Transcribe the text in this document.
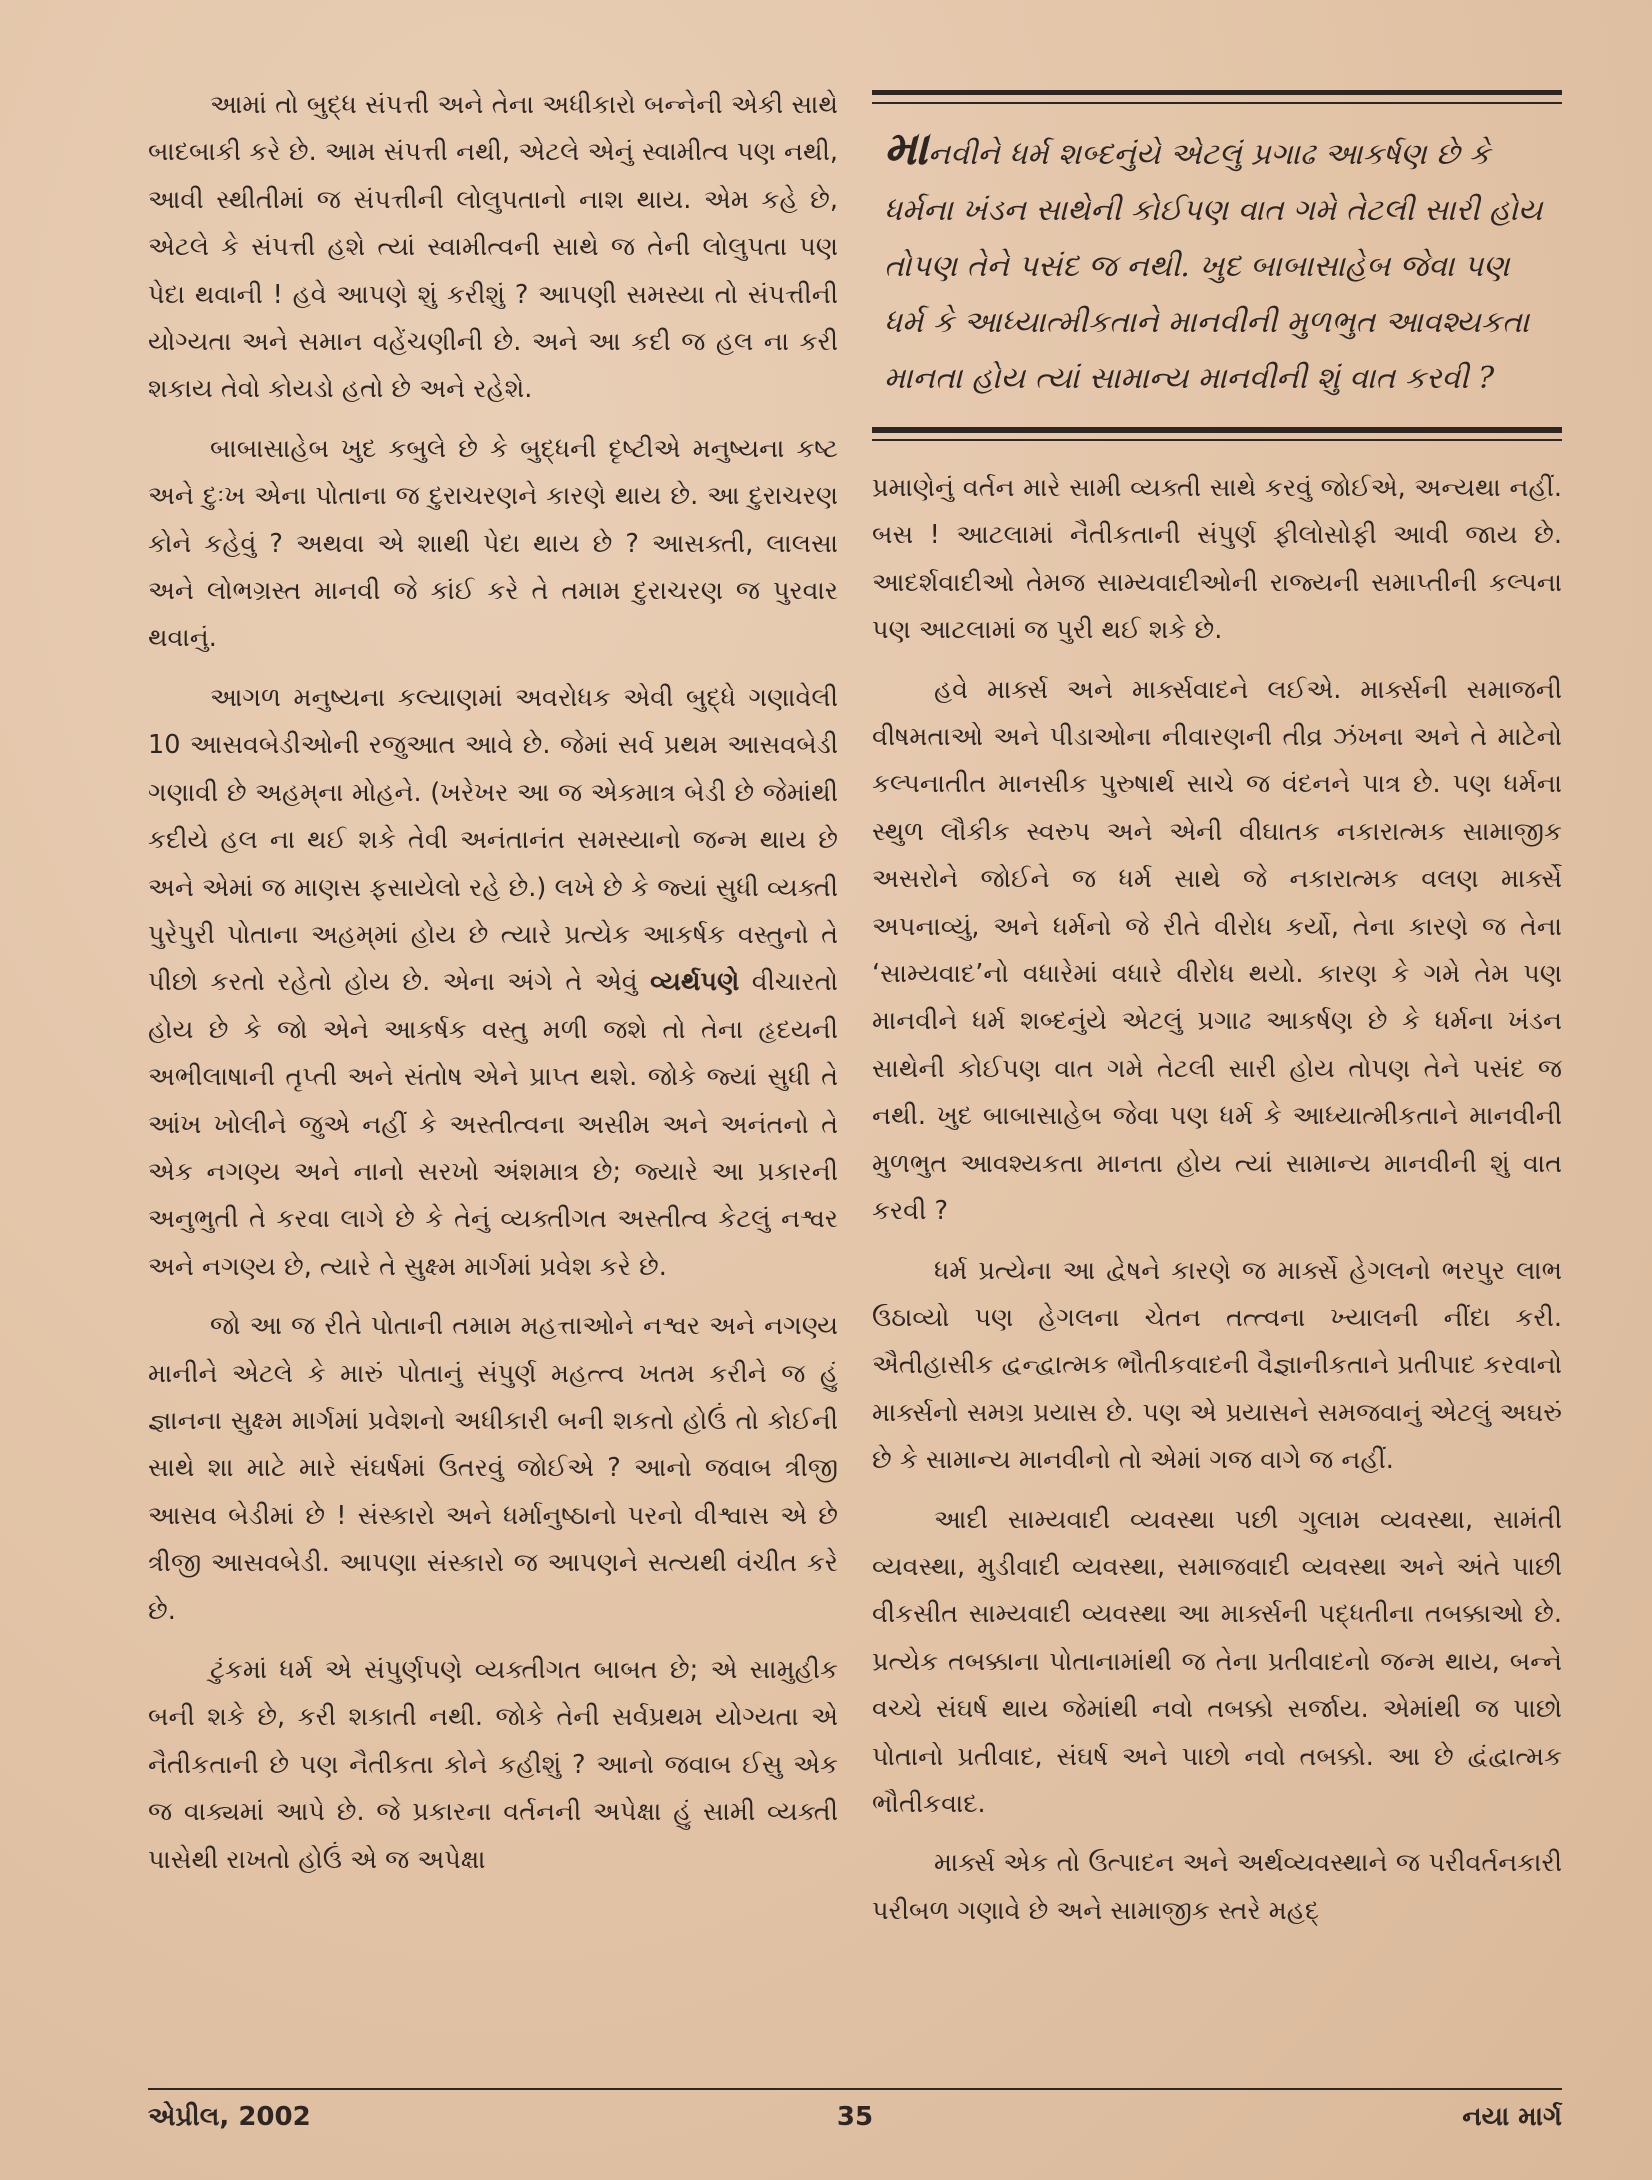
આમાં તો બુદ્ધ સંપત્તી અને તેના અધીકારો બન્નેની એકી સાથે બાદબાકી કરે છે. આમ સંપત્તી નથી, એટલે એનું સ્વામીત્વ પણ નથી, આવી સ્થીતીમાં જ સંપત્તીની લોલુપતાનો નાશ થાય. એમ કહે છે, એટલે કે સંપત્તી હશે ત્યાં સ્વામીત્વની સાથે જ તેની લોલુપતા પણ પેદા થવાની ! હવે આપણે શું કરીશું ? આપણી સમસ્યા તો સંપત્તીની યોગ્યતા અને સમાન વહેંચણીની છે. અને આ કદી જ હલ ના કરી શકાય તેવો કોયડો હતો છે અને રહેશે.

બાબાસાહેબ ખુદ કબુલે છે કે બુદ્ધની દૃષ્ટીએ મનુષ્યના કષ્ટ અને દુઃખ એના પોતાના જ દુરાચરણને કારણે થાય છે. આ દુરાચરણ કોને કહેવું ? અથવા એ શાથી પેદા થાય છે ? આસક્તી, લાલસા અને લોભગ્રસ્ત માનવી જે કાંઈ કરે તે તમામ દુરાચરણ જ પુરવાર થવાનું.

આગળ મનુષ્યના કલ્યાણમાં અવરોધક એવી બુદ્ધે ગણાવેલી 10 આસવબેડીઓની રજુઆત આવે છે. જેમાં સર્વ પ્રથમ આસવબેડી ગણાવી છે અહમ્‌ના મોહને. (ખરેખર આ જ એકમાત્ર બેડી છે જેમાંથી કદીયે હલ ના થઈ શકે તેવી અનંતાનંત સમસ્યાનો જન્મ થાય છે અને એમાં જ માણસ ફસાયેલો રહે છે.) લખે છે કે જ્યાં સુધી વ્યક્તી પુરેપુરી પોતાના અહમ્‌માં હોય છે ત્યારે પ્રત્યેક આકર્ષક વસ્તુનો તે પીછો કરતો રહેતો હોય છે. એના અંગે તે એવું વ્યર્થપણે વીચારતો હોય છે કે જો એને આકર્ષક વસ્તુ મળી જશે તો તેના હૃદયની અભીલાષાની તૃપ્તી અને સંતોષ એને પ્રાપ્ત થશે. જોકે જ્યાં સુધી તે આંખ ખોલીને જુએ નહીં કે અસ્તીત્વના અસીમ અને અનંતનો તે એક નગણ્ય અને નાનો સરખો અંશમાત્ર છે; જ્યારે આ પ્રકારની અનુભુતી તે કરવા લાગે છે કે તેનું વ્યક્તીગત અસ્તીત્વ કેટલું નશ્વર અને નગણ્ય છે, ત્યારે તે સુક્ષ્મ માર્ગમાં પ્રવેશ કરે છે.

જો આ જ રીતે પોતાની તમામ મહત્તાઓને નશ્વર અને નગણ્ય માનીને એટલે કે મારું પોતાનું સંપુર્ણ મહત્ત્વ ખતમ કરીને જ હું જ્ઞાનના સુક્ષ્મ માર્ગમાં પ્રવેશનો અધીકારી બની શકતો હોઉં તો કોઈની સાથે શા માટે મારે સંઘર્ષમાં ઉતરવું જોઈએ ? આનો જવાબ ત્રીજી આસવ બેડીમાં છે ! સંસ્કારો અને ધર્માનુષ્ઠાનો પરનો વીશ્વાસ એ છે ત્રીજી આસવબેડી. આપણા સંસ્કારો જ આપણને સત્યથી વંચીત કરે છે.

ટુંકમાં ધર્મ એ સંપુર્ણપણે વ્યક્તીગત બાબત છે; એ સામુહીક બની શકે છે, કરી શકાતી નથી. જોકે તેની સર્વપ્રથમ યોગ્યતા એ નૈતીકતાની છે પણ નૈતીકતા કોને કહીશું ? આનો જવાબ ઈસુ એક જ વાક્યમાં આપે છે. જે પ્રકારના વર્તનની અપેક્ષા હું સામી વ્યક્તી પાસેથી રાખતો હોઉં એ જ અપેક્ષા

માનવીને ધર્મ શબ્દનુંયે એટલું પ્રગાઢ આકર્ષણ છે કે ધર્મના ખંડન સાથેની કોઈપણ વાત ગમે તેટલી સારી હોય તોપણ તેને પસંદ જ નથી. ખુદ બાબાસાહેબ જેવા પણ ધર્મ કે આધ્યાત્મીકતાને માનવીની મુળભુત આવશ્યકતા માનતા હોય ત્યાં સામાન્ય માનવીની શું વાત કરવી ?

પ્રમાણેનું વર્તન મારે સામી વ્યક્તી સાથે કરવું જોઈએ, અન્યથા નહીં. બસ ! આટલામાં નૈતીકતાની સંપુર્ણ ફીલોસોફી આવી જાય છે. આદર્શવાદીઓ તેમજ સામ્યવાદીઓની રાજ્યની સમાપ્તીની કલ્પના પણ આટલામાં જ પુરી થઈ શકે છે.

હવે માર્ક્સ અને માર્ક્સવાદને લઈએ. માર્ક્સની સમાજની વીષમતાઓ અને પીડાઓના નીવારણની તીવ્ર ઝંખના અને તે માટેનો કલ્પનાતીત માનસીક પુરુષાર્થ સાચે જ વંદનને પાત્ર છે. પણ ધર્મના સ્થુળ લૌકીક સ્વરુપ અને એની વીઘાતક નકારાત્મક સામાજીક અસરોને જોઈને જ ધર્મ સાથે જે નકારાત્મક વલણ માર્ક્સે અપનાવ્યું, અને ધર્મનો જે રીતે વીરોધ કર્યો, તેના કારણે જ તેના ‘સામ્યવાદ’નો વધારેમાં વધારે વીરોધ થયો. કારણ કે ગમે તેમ પણ માનવીને ધર્મ શબ્દનુંયે એટલું પ્રગાઢ આકર્ષણ છે કે ધર્મના ખંડન સાથેની કોઈપણ વાત ગમે તેટલી સારી હોય તોપણ તેને પસંદ જ નથી. ખુદ બાબાસાહેબ જેવા પણ ધર્મ કે આધ્યાત્મીકતાને માનવીની મુળભુત આવશ્યકતા માનતા હોય ત્યાં સામાન્ય માનવીની શું વાત કરવી ?

ધર્મ પ્રત્યેના આ દ્વેષને કારણે જ માર્ક્સે હેગલનો ભરપુર લાભ ઉઠાવ્યો પણ હેગલના ચેતન તત્ત્વના ખ્યાલની નીંદા કરી. ઐતીહાસીક દ્વન્દ્વાત્મક ભૌતીકવાદની વૈજ્ઞાનીકતાને પ્રતીપાદ કરવાનો માર્ક્સનો સમગ્ર પ્રયાસ છે. પણ એ પ્રયાસને સમજવાનું એટલું અઘરું છે કે સામાન્ય માનવીનો તો એમાં ગજ વાગે જ નહીં.

આદી સામ્યવાદી વ્યવસ્થા પછી ગુલામ વ્યવસ્થા, સામંતી વ્યવસ્થા, મુડીવાદી વ્યવસ્થા, સમાજવાદી વ્યવસ્થા અને અંતે પાછી વીકસીત સામ્યવાદી વ્યવસ્થા આ માર્ક્સની પદ્ધતીના તબક્કાઓ છે. પ્રત્યેક તબક્કાના પોતાનામાંથી જ તેના પ્રતીવાદનો જન્મ થાય, બન્ને વચ્ચે સંઘર્ષ થાય જેમાંથી નવો તબક્કો સર્જાય. એમાંથી જ પાછો પોતાનો પ્રતીવાદ, સંઘર્ષ અને પાછો નવો તબક્કો. આ છે દ્વંદ્વાત્મક ભૌતીકવાદ.

માર્ક્સ એક તો ઉત્પાદન અને અર્થવ્યવસ્થાને જ પરીવર્તનકારી પરીબળ ગણાવે છે અને સામાજીક સ્તરે મહદ્

એપ્રીલ, 2002	35	નયા માર્ગ
